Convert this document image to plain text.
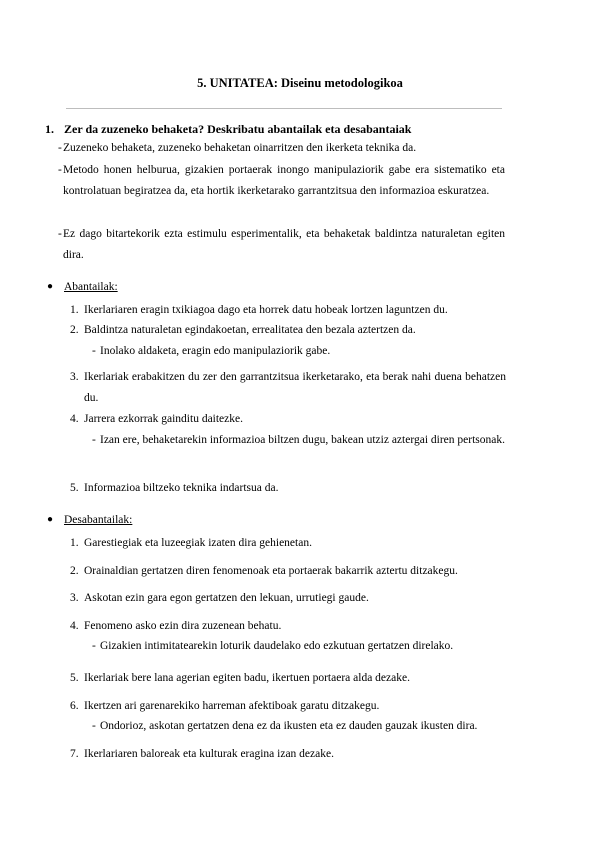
5. UNITATEA: Diseinu metodologikoa
1. Zer da zuzeneko behaketa? Deskribatu abantailak eta desabantaiak
- Zuzeneko behaketa, zuzeneko behaketan oinarritzen den ikerketa teknika da.
- Metodo honen helburua, gizakien portaerak inongo manipulaziorik gabe era sistematiko eta kontrolatuan begiratzea da, eta hortik ikerketarako garrantzitsua den informazioa eskuratzea.
- Ez dago bitartekorik ezta estimulu esperimentalik, eta behaketak baldintza naturaletan egiten dira.
● Abantailak:
1. Ikerlariaren eragin txikiagoa dago eta horrek datu hobeak lortzen laguntzen du.
2. Baldintza naturaletan egindakoetan, errealitatea den bezala aztertzen da.
- Inolako aldaketa, eragin edo manipulaziorik gabe.
3. Ikerlariak erabakitzen du zer den garrantzitsua ikerketarako, eta berak nahi duena behatzen du.
4. Jarrera ezkorrak gainditu daitezke.
- Izan ere, behaketarekin informazioa biltzen dugu, bakean utziz aztergai diren pertsonak.
5. Informazioa biltzeko teknika indartsua da.
● Desabantailak:
1. Garestiegiak eta luzeegiak izaten dira gehienetan.
2. Orainaldian gertatzen diren fenomenoak eta portaerak bakarrik aztertu ditzakegu.
3. Askotan ezin gara egon gertatzen den lekuan, urrutiegi gaude.
4. Fenomeno asko ezin dira zuzenean behatu.
- Gizakien intimitatearekin loturik daudelako edo ezkutuan gertatzen direlako.
5. Ikerlariak bere lana agerian egiten badu, ikertuen portaera alda dezake.
6. Ikertzen ari garenarekiko harreman afektiboak garatu ditzakegu.
- Ondorioz, askotan gertatzen dena ez da ikusten eta ez dauden gauzak ikusten dira.
7. Ikerlariaren baloreak eta kulturak eragina izan dezake.
